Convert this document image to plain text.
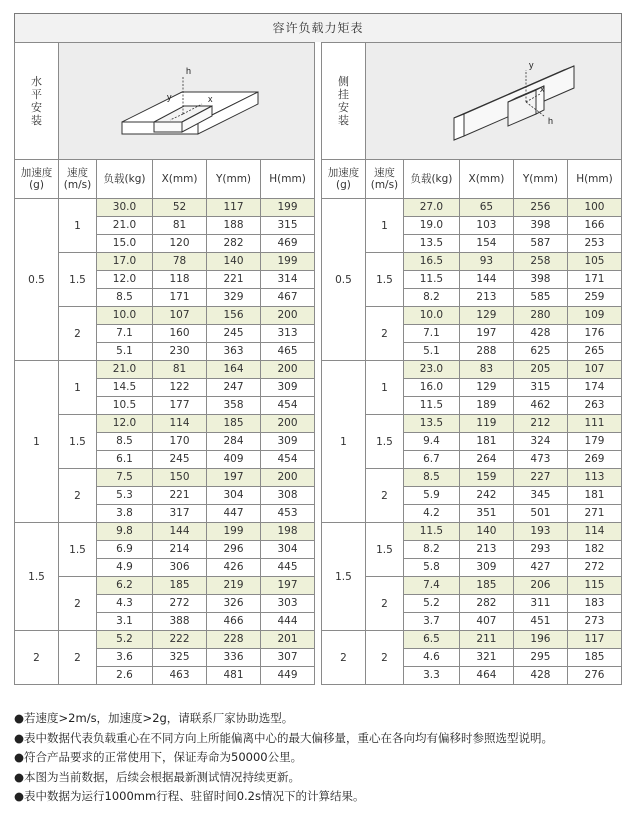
容许负载力矩表
水平安装	h
y x				

加速度
(g)	速度
(m/s)	负载(kg)	X(mm)	Y(mm)	H(mm)
0.5	1	30.0	52	117	199
		21.0	81	188	315
		15.0	120	282	469
	1.5	17.0	78	140	199
		12.0	118	221	314
		8.5	171	329	467
	2	10.0	107	156	200
		7.1	160	245	313
		5.1	230	363	465
1	1	21.0	81	164	200
		14.5	122	247	309
		10.5	177	358	454
	1.5	12.0	114	185	200
		8.5	170	284	309
		6.1	245	409	454
	2	7.5	150	197	200
		5.3	221	304	308
		3.8	317	447	453
1.5	1.5	9.8	144	199	198
		6.9	214	296	304
		4.9	306	426	445
	2	6.2	185	219	197
		4.3	272	326	303
		3.1	388	466	444
2	2	5.2	222	228	201
		3.6	325	336	307
		2.6	463	481	449
侧挂安装	y
x
h				

加速度
(g)	速度
(m/s)	负载(kg)	X(mm)	Y(mm)	H(mm)
0.5	1	27.0	65	256	100
		19.0	103	398	166
		13.5	154	587	253
	1.5	16.5	93	258	105
		11.5	144	398	171
		8.2	213	585	259
	2	10.0	129	280	109
		7.1	197	428	176
		5.1	288	625	265
1	1	23.0	83	205	107
		16.0	129	315	174
		11.5	189	462	263
	1.5	13.5	119	212	111
		9.4	181	324	179
		6.7	264	473	269
	2	8.5	159	227	113
		5.9	242	345	181
		4.2	351	501	271
1.5	1.5	11.5	140	193	114
		8.2	213	293	182
		5.8	309	427	272
	2	7.4	185	206	115
		5.2	282	311	183
		3.7	407	451	273
2	2	6.5	211	196	117
		4.6	321	295	185
		3.3	464	428	276
●若速度>2m/s，加速度>2g，请联系厂家协助选型。
●表中数据代表负载重心在不同方向上所能偏离中心的最大偏移量，重心在各向均有偏移时参照选型说明。
●符合产品要求的正常使用下，保证寿命为50000公里。
●本图为当前数据，后续会根据最新测试情况持续更新。
●表中数据为运行1000mm行程、驻留时间0.2s情况下的计算结果。
